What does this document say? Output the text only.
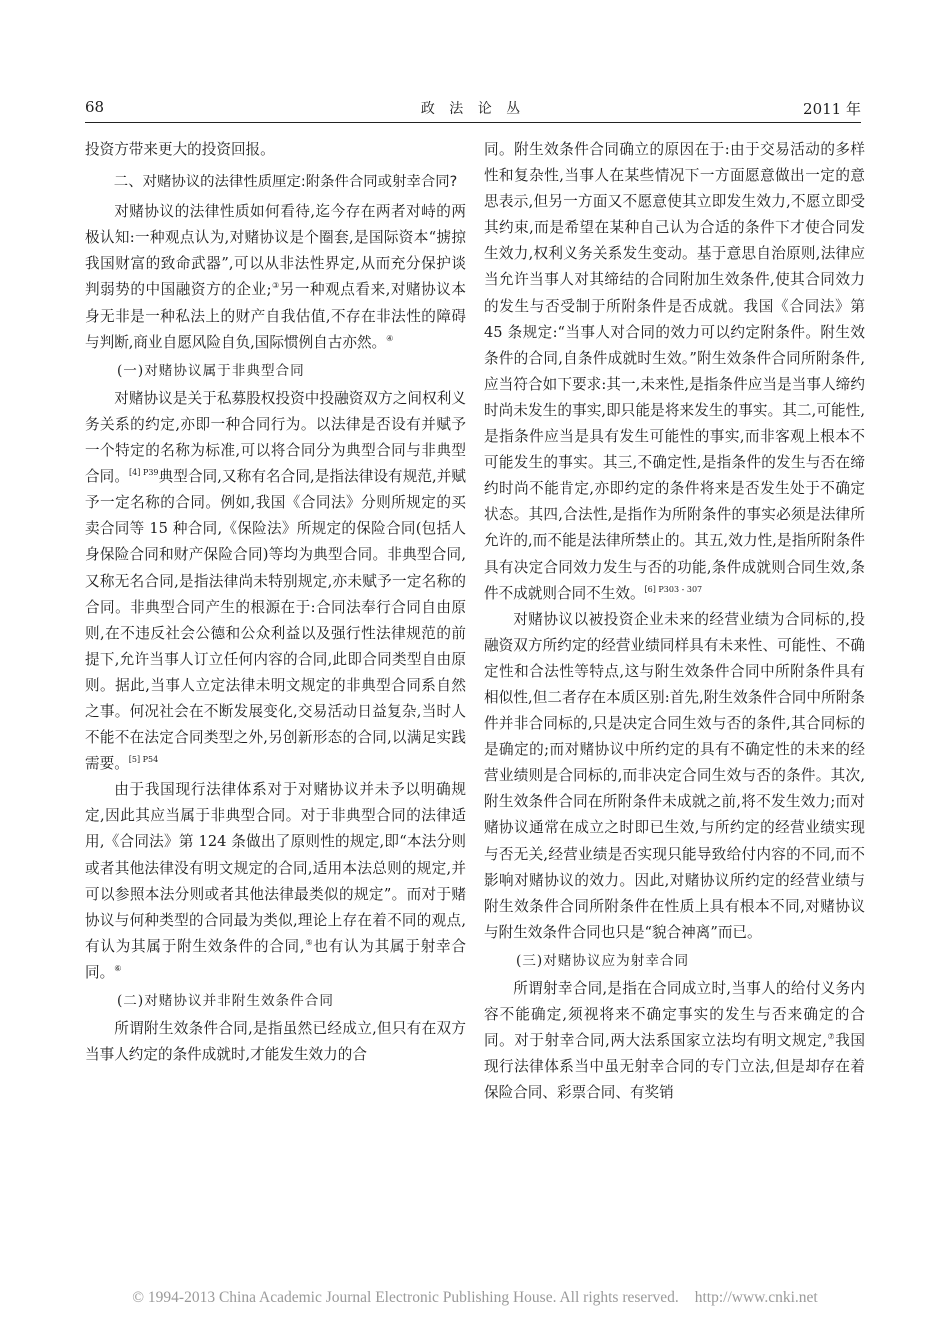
68	政 法 论 丛	2011 年

投资方带来更大的投资回报。

二、对赌协议的法律性质厘定:附条件合同或射幸合同?

对赌协议的法律性质如何看待,迄今存在两者对峙的两极认知:一种观点认为,对赌协议是个圈套,是国际资本“掳掠我国财富的致命武器”,可以从非法性界定,从而充分保护谈判弱势的中国融资方的企业;③另一种观点看来,对赌协议本身无非是一种私法上的财产自我估值,不存在非法性的障碍与判断,商业自愿风险自负,国际惯例自古亦然。④

(一)对赌协议属于非典型合同

对赌协议是关于私募股权投资中投融资双方之间权利义务关系的约定,亦即一种合同行为。以法律是否设有并赋予一个特定的名称为标准,可以将合同分为典型合同与非典型合同。$^{[4] P39}$典型合同,又称有名合同,是指法律设有规范,并赋予一定名称的合同。例如,我国《合同法》分则所规定的买卖合同等 15 种合同,《保险法》所规定的保险合同(包括人身保险合同和财产保险合同)等均为典型合同。非典型合同,又称无名合同,是指法律尚未特别规定,亦未赋予一定名称的合同。非典型合同产生的根源在于:合同法奉行合同自由原则,在不违反社会公德和公众利益以及强行性法律规范的前提下,允许当事人订立任何内容的合同,此即合同类型自由原则。据此,当事人立定法律未明文规定的非典型合同系自然之事。何况社会在不断发展变化,交易活动日益复杂,当时人不能不在法定合同类型之外,另创新形态的合同,以满足实践需要。$^{[5] P54}$

由于我国现行法律体系对于对赌协议并未予以明确规定,因此其应当属于非典型合同。对于非典型合同的法律适用,《合同法》第 124 条做出了原则性的规定,即“本法分则或者其他法律没有明文规定的合同,适用本法总则的规定,并可以参照本法分则或者其他法律最类似的规定”。而对于赌协议与何种类型的合同最为类似,理论上存在着不同的观点,有认为其属于附生效条件的合同,⑤也有认为其属于射幸合同。⑥

(二)对赌协议并非附生效条件合同

所谓附生效条件合同,是指虽然已经成立,但只有在双方当事人约定的条件成就时,才能发生效力的合

同。附生效条件合同确立的原因在于:由于交易活动的多样性和复杂性,当事人在某些情况下一方面愿意做出一定的意思表示,但另一方面又不愿意使其立即发生效力,不愿立即受其约束,而是希望在某种自己认为合适的条件下才使合同发生效力,权利义务关系发生变动。基于意思自治原则,法律应当允许当事人对其缔结的合同附加生效条件,使其合同效力的发生与否受制于所附条件是否成就。我国《合同法》第 45 条规定:“当事人对合同的效力可以约定附条件。附生效条件的合同,自条件成就时生效。”附生效条件合同所附条件,应当符合如下要求:其一,未来性,是指条件应当是当事人缔约时尚未发生的事实,即只能是将来发生的事实。其二,可能性,是指条件应当是具有发生可能性的事实,而非客观上根本不可能发生的事实。其三,不确定性,是指条件的发生与否在缔约时尚不能肯定,亦即约定的条件将来是否发生处于不确定状态。其四,合法性,是指作为所附条件的事实必须是法律所允许的,而不能是法律所禁止的。其五,效力性,是指所附条件具有决定合同效力发生与否的功能,条件成就则合同生效,条件不成就则合同不生效。$^{[6] P303 - 307}$

对赌协议以被投资企业未来的经营业绩为合同标的,投融资双方所约定的经营业绩同样具有未来性、可能性、不确定性和合法性等特点,这与附生效条件合同中所附条件具有相似性,但二者存在本质区别:首先,附生效条件合同中所附条件并非合同标的,只是决定合同生效与否的条件,其合同标的是确定的;而对赌协议中所约定的具有不确定性的未来的经营业绩则是合同标的,而非决定合同生效与否的条件。其次,附生效条件合同在所附条件未成就之前,将不发生效力;而对赌协议通常在成立之时即已生效,与所约定的经营业绩实现与否无关,经营业绩是否实现只能导致给付内容的不同,而不影响对赌协议的效力。因此,对赌协议所约定的经营业绩与附生效条件合同所附条件在性质上具有根本不同,对赌协议与附生效条件合同也只是“貌合神离”而已。

(三)对赌协议应为射幸合同

所谓射幸合同,是指在合同成立时,当事人的给付义务内容不能确定,须视将来不确定事实的发生与否来确定的合同。对于射幸合同,两大法系国家立法均有明文规定,⑦我国现行法律体系当中虽无射幸合同的专门立法,但是却存在着保险合同、彩票合同、有奖销

© 1994-2013 China Academic Journal Electronic Publishing House. All rights reserved. http://www.cnki.net
